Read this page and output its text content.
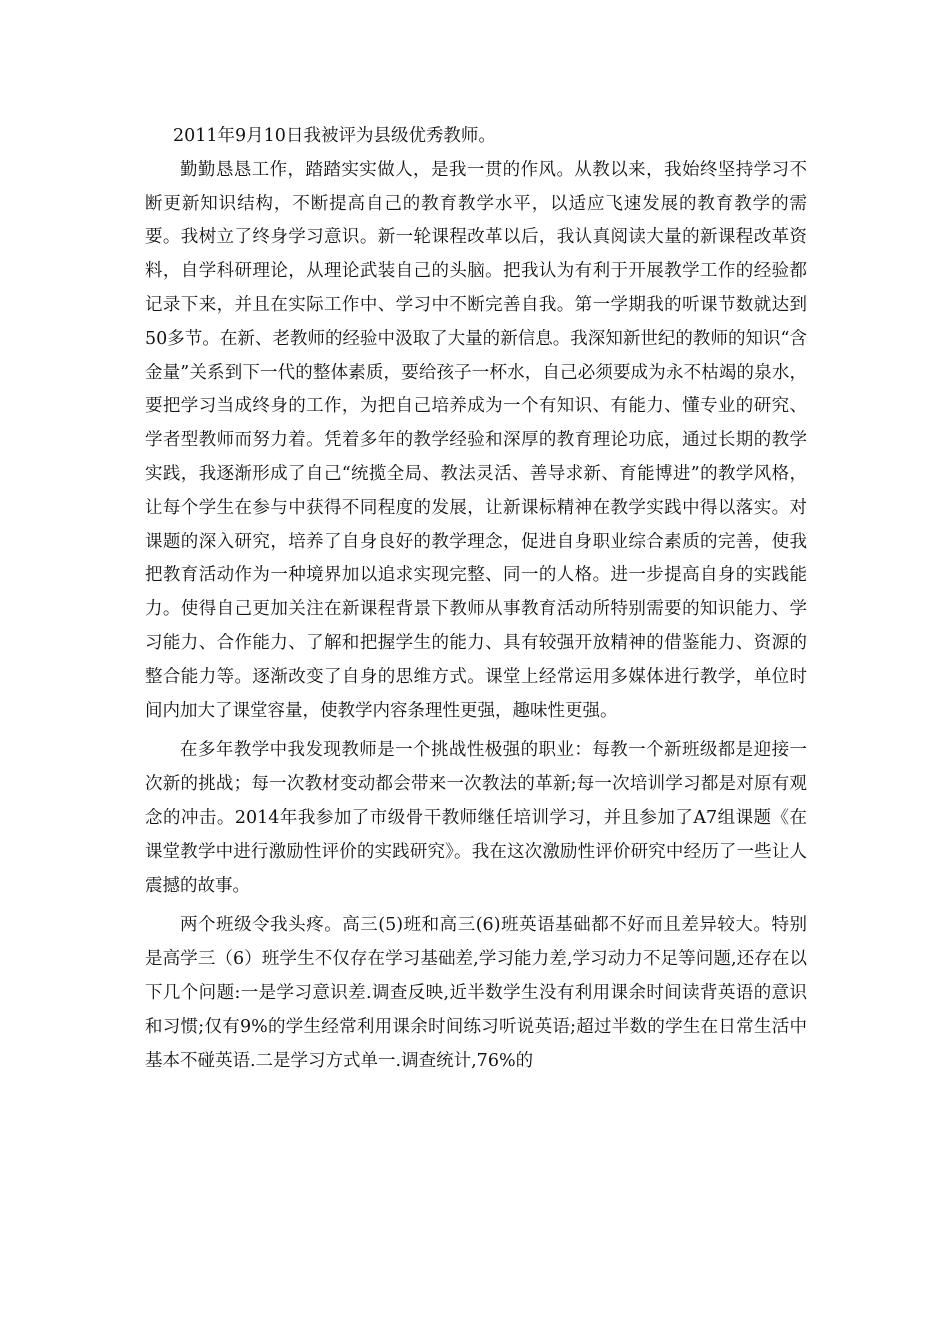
2011年9月10日我被评为县级优秀教师。

勤勤恳恳工作，踏踏实实做人，是我一贯的作风。从教以来，我始终坚持学习不断更新知识结构，不断提高自己的教育教学水平，以适应飞速发展的教育教学的需要。我树立了终身学习意识。新一轮课程改革以后，我认真阅读大量的新课程改革资料，自学科研理论，从理论武装自己的头脑。把我认为有利于开展教学工作的经验都记录下来，并且在实际工作中、学习中不断完善自我。第一学期我的听课节数就达到50多节。在新、老教师的经验中汲取了大量的新信息。我深知新世纪的教师的知识“含金量”关系到下一代的整体素质，要给孩子一杯水，自己必须要成为永不枯竭的泉水，要把学习当成终身的工作，为把自己培养成为一个有知识、有能力、懂专业的研究、学者型教师而努力着。凭着多年的教学经验和深厚的教育理论功底，通过长期的教学实践，我逐渐形成了自己“统揽全局、教法灵活、善导求新、育能博进”的教学风格，让每个学生在参与中获得不同程度的发展，让新课标精神在教学实践中得以落实。对课题的深入研究，培养了自身良好的教学理念，促进自身职业综合素质的完善，使我把教育活动作为一种境界加以追求实现完整、同一的人格。进一步提高自身的实践能力。使得自己更加关注在新课程背景下教师从事教育活动所特别需要的知识能力、学习能力、合作能力、了解和把握学生的能力、具有较强开放精神的借鉴能力、资源的整合能力等。逐渐改变了自身的思维方式。课堂上经常运用多媒体进行教学，单位时间内加大了课堂容量，使教学内容条理性更强，趣味性更强。

在多年教学中我发现教师是一个挑战性极强的职业：每教一个新班级都是迎接一次新的挑战；每一次教材变动都会带来一次教法的革新;每一次培训学习都是对原有观念的冲击。2014年我参加了市级骨干教师继任培训学习，并且参加了A7组课题《在课堂教学中进行激励性评价的实践研究》。我在这次激励性评价研究中经历了一些让人震撼的故事。

两个班级令我头疼。高三(5)班和高三(6)班英语基础都不好而且差异较大。特别是高学三（6）班学生不仅存在学习基础差,学习能力差,学习动力不足等问题,还存在以下几个问题:一是学习意识差.调查反映,近半数学生没有利用课余时间读背英语的意识和习惯;仅有9%的学生经常利用课余时间练习听说英语;超过半数的学生在日常生活中基本不碰英语.二是学习方式单一.调查统计,76%的
